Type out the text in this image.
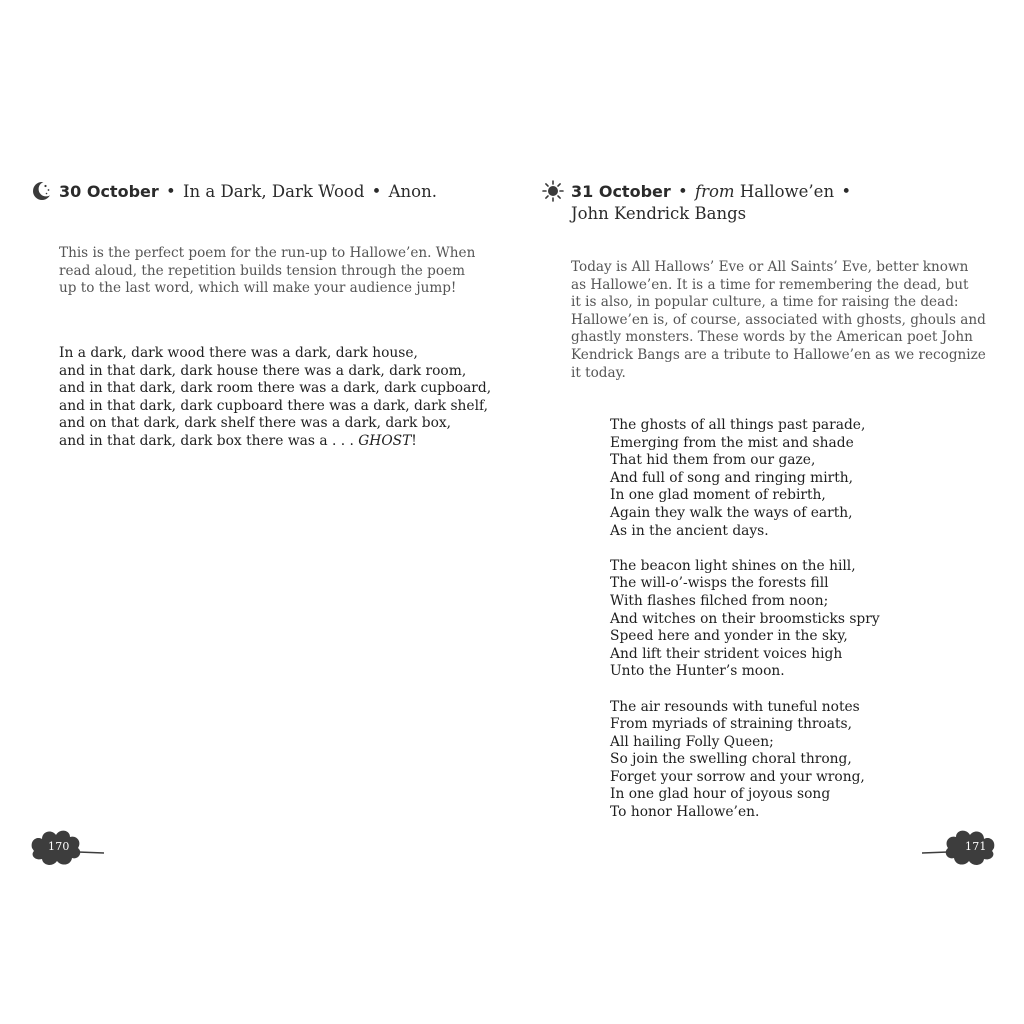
30 October • In a Dark, Dark Wood • Anon.
This is the perfect poem for the run-up to Hallowe’en. When
read aloud, the repetition builds tension through the poem
up to the last word, which will make your audience jump!
In a dark, dark wood there was a dark, dark house,
and in that dark, dark house there was a dark, dark room,
and in that dark, dark room there was a dark, dark cupboard,
and in that dark, dark cupboard there was a dark, dark shelf,
and on that dark, dark shelf there was a dark, dark box,
and in that dark, dark box there was a . . . GHOST!
170
31 October • from Hallowe’en •
John Kendrick Bangs
Today is All Hallows’ Eve or All Saints’ Eve, better known
as Hallowe’en. It is a time for remembering the dead, but
it is also, in popular culture, a time for raising the dead:
Hallowe’en is, of course, associated with ghosts, ghouls and
ghastly monsters. These words by the American poet John
Kendrick Bangs are a tribute to Hallowe’en as we recognize
it today.
The ghosts of all things past parade,
Emerging from the mist and shade
That hid them from our gaze,
And full of song and ringing mirth,
In one glad moment of rebirth,
Again they walk the ways of earth,
As in the ancient days.
The beacon light shines on the hill,
The will-o’-wisps the forests fill
With flashes filched from noon;
And witches on their broomsticks spry
Speed here and yonder in the sky,
And lift their strident voices high
Unto the Hunter’s moon.
The air resounds with tuneful notes
From myriads of straining throats,
All hailing Folly Queen;
So join the swelling choral throng,
Forget your sorrow and your wrong,
In one glad hour of joyous song
To honor Hallowe’en.
171
